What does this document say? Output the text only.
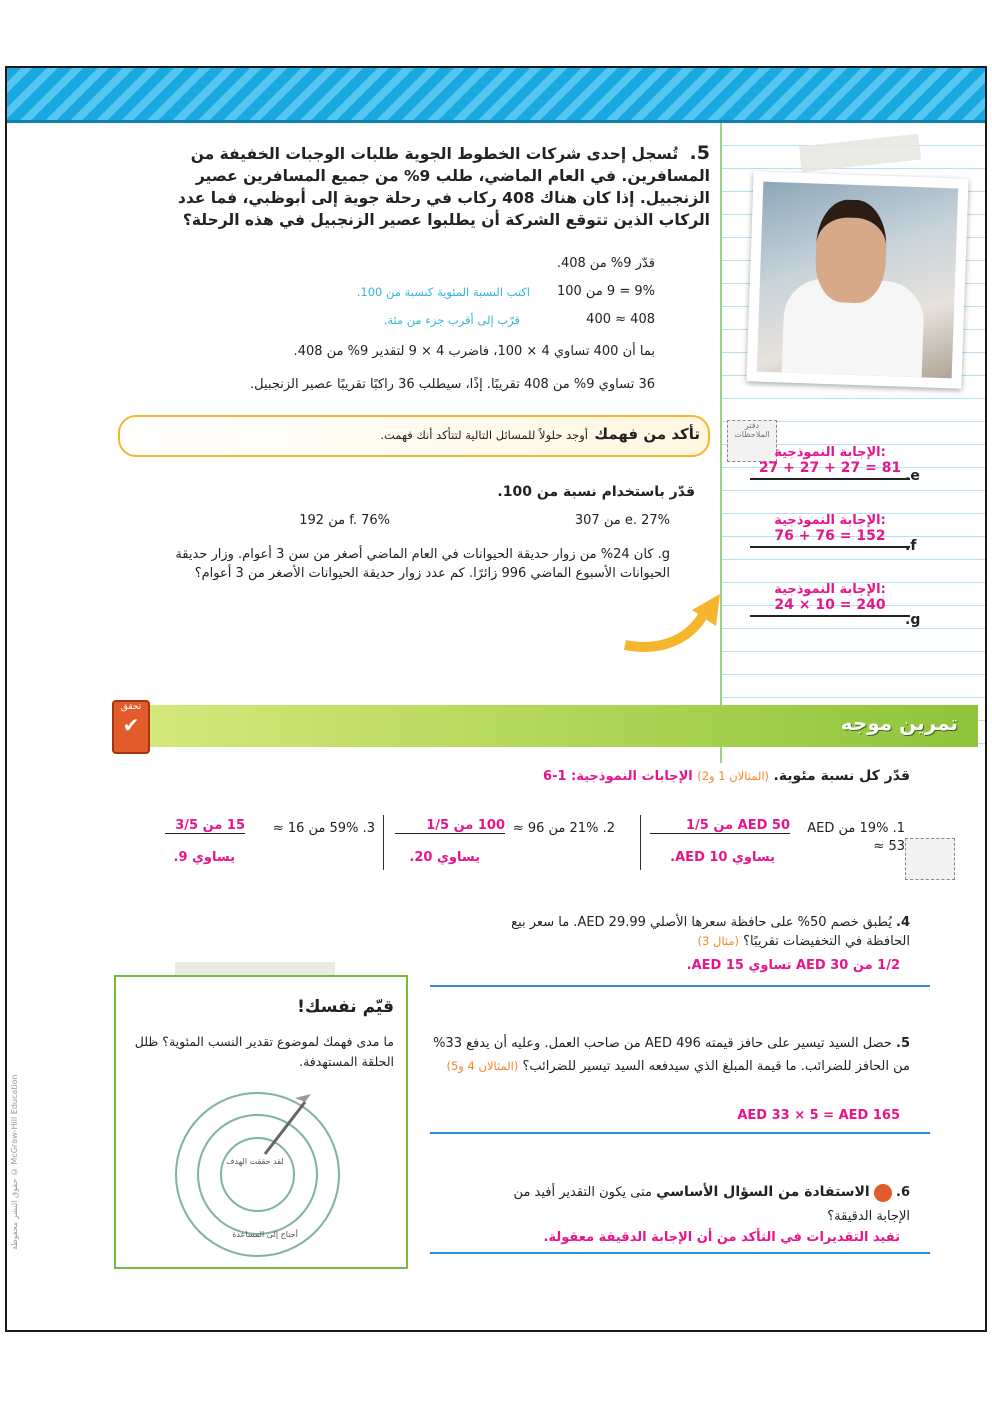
5. تُسجل إحدى شركات الخطوط الجوية طلبات الوجبات الخفيفة من المسافرين. في العام الماضي، طلب 9% من جميع المسافرين عصير الزنجبيل. إذا كان هناك 408 ركاب في رحلة جوية إلى أبوظبي، فما عدد الركاب الذين تتوقع الشركة أن يطلبوا عصير الزنجبيل في هذه الرحلة؟
قدّر 9% من 408.
9% = 9 من 100
اكتب النسبة المئوية كنسبة من 100.
408 ≈ 400
قرّب إلى أقرب جزء من مئة.
بما أن 400 تساوي 4 × 100، فاضرب 4 × 9 لتقدير 9% من 408.
36 تساوي 9% من 408 تقريبًا. إذًا، سيطلب 36 راكبًا تقريبًا عصير الزنجبيل.
تأكد من فهمك
أوجد حلولاً للمسائل التالية لتتأكد أنك فهمت.
قدّر باستخدام نسبة من 100.
e. 27% من 307
f. 76% من 192
g. كان 24% من زوار حديقة الحيوانات في العام الماضي أصغر من سن 3 أعوام. وزار حديقة الحيوانات الأسبوع الماضي 996 زائرًا. كم عدد زوار حديقة الحيوانات الأصغر من 3 أعوام؟
دفتر الملاحظات
الإجابة النموذجية:
27 + 27 + 27 = 81 e.
الإجابة النموذجية:
76 + 76 = 152
f.
الإجابة النموذجية:
24 × 10 = 240
g.
تمرين موجه
تحقق
✔
قدّر كل نسبة مئوية. (المثالان 1 و2) الإجابات النموذجية: 1-6
1. 19% من AED 53 ≈
AED 50 من 1/5
يساوي AED 10.
2. 21% من 96 ≈
100 من 1/5
يساوي 20.
3. 59% من 16 ≈
15 من 3/5
يساوي 9.
4. يُطبق خصم 50% على حافظة سعرها الأصلي AED 29.99. ما سعر بيع الحافظة في التخفيضات تقريبًا؟ (مثال 3)
1/2 من AED 30 تساوي AED 15.
5. حصل السيد تيسير على حافز قيمته AED 496 من صاحب العمل. وعليه أن يدفع 33% من الحافز للضرائب. ما قيمة المبلغ الذي سيدفعه السيد تيسير للضرائب؟ (المثالان 4 و5)
AED 33 × 5 = AED 165
6.  الاستفادة من السؤال الأساسي متى يكون التقدير أفيد من الإجابة الدقيقة؟
تفيد التقديرات في التأكد من أن الإجابة الدقيقة معقولة.
قيّم نفسك!
ما مدى فهمك لموضوع تقدير النسب المئوية؟ ظلل الحلقة المستهدفة.
لقد حققت الهدف
أحتاج إلى المساعدة
حقوق النشر محفوظة © McGraw-Hill Education
